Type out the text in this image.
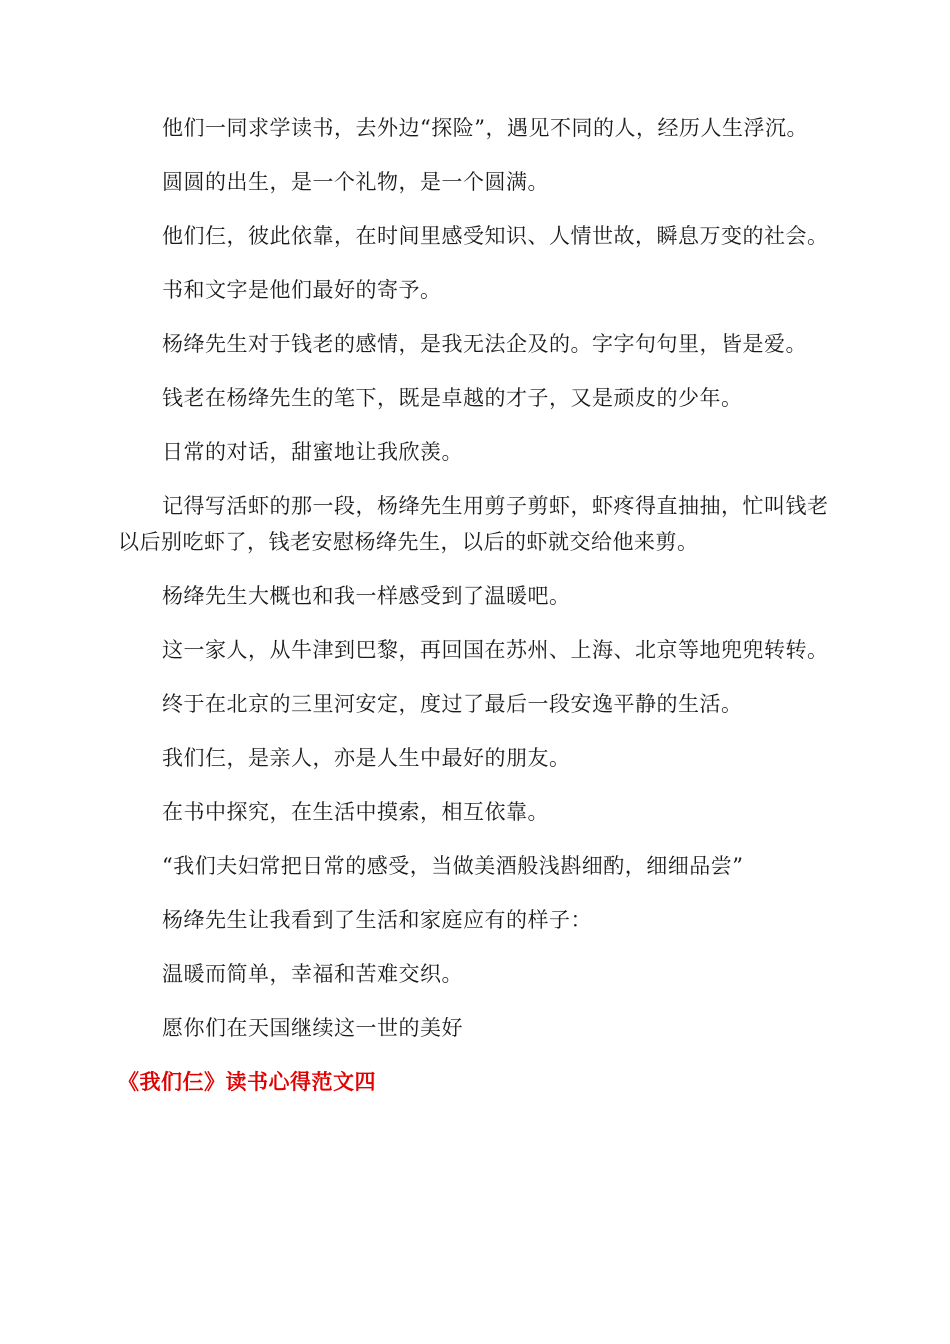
他们一同求学读书，去外边“探险”，遇见不同的人，经历人生浮沉。

圆圆的出生，是一个礼物，是一个圆满。

他们仨，彼此依靠，在时间里感受知识、人情世故，瞬息万变的社会。

书和文字是他们最好的寄予。

杨绛先生对于钱老的感情，是我无法企及的。字字句句里，皆是爱。

钱老在杨绛先生的笔下，既是卓越的才子，又是顽皮的少年。

日常的对话，甜蜜地让我欣羡。

记得写活虾的那一段，杨绛先生用剪子剪虾，虾疼得直抽抽，忙叫钱老以后别吃虾了，钱老安慰杨绛先生，以后的虾就交给他来剪。

杨绛先生大概也和我一样感受到了温暖吧。

这一家人，从牛津到巴黎，再回国在苏州、上海、北京等地兜兜转转。

终于在北京的三里河安定，度过了最后一段安逸平静的生活。

我们仨，是亲人，亦是人生中最好的朋友。

在书中探究，在生活中摸索，相互依靠。

“我们夫妇常把日常的感受，当做美酒般浅斟细酌，细细品尝”

杨绛先生让我看到了生活和家庭应有的样子：

温暖而简单，幸福和苦难交织。

愿你们在天国继续这一世的美好

《我们仨》读书心得范文四
